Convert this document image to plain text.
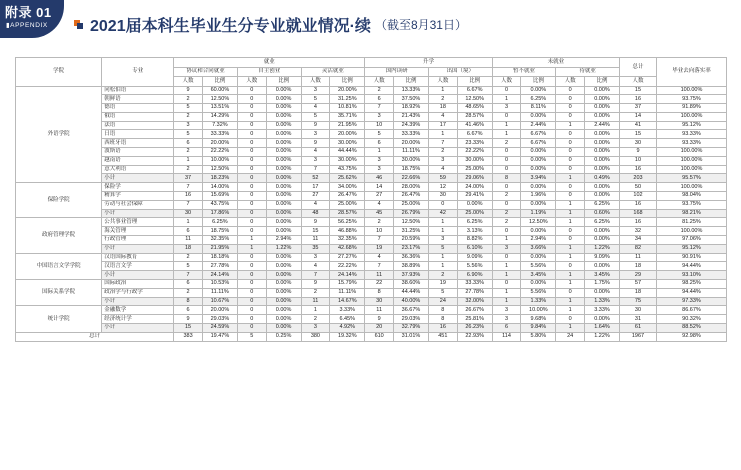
附录 01
▮APPENDIX	2021届本科生毕业生分专业就业情况·续 （截至8月31日）
学院	专业	就业						升学				未就业				总计	毕业去向落实率
		协议和合同就业		自主创业		灵活就业		国内读研		出国（境）		暂不就业		待就业			
		人数	比例	人数	比例	人数	比例	人数	比例	人数	比例	人数	比例	人数	比例	人数	
外语学院	同松伯语	9	60.00%	0	0.00%	3	20.00%	2	13.33%	1	6.67%	0	0.00%	0	0.00%	15	100.00%
	朝鲜语	2	12.50%	0	0.00%	5	31.25%	6	37.50%	2	12.50%	1	6.25%	0	0.00%	16	93.75%
	德语	5	13.51%	0	0.00%	4	10.81%	7	18.92%	18	48.65%	3	8.11%	0	0.00%	37	91.89%
	俄语	2	14.29%	0	0.00%	5	35.71%	3	21.43%	4	28.57%	0	0.00%	0	0.00%	14	100.00%
	法语	3	7.32%	0	0.00%	9	21.95%	10	24.39%	17	41.46%	1	2.44%	1	2.44%	41	95.12%
	日语	5	33.33%	0	0.00%	3	20.00%	5	33.33%	1	6.67%	1	6.67%	0	0.00%	15	93.33%
	西班牙语	6	20.00%	0	0.00%	9	30.00%	6	20.00%	7	23.33%	2	6.67%	0	0.00%	30	93.33%
	波斯语	2	22.22%	0	0.00%	4	44.44%	1	11.11%	2	22.22%	0	0.00%	0	0.00%	9	100.00%
	越南语	1	10.00%	0	0.00%	3	30.00%	3	30.00%	3	30.00%	0	0.00%	0	0.00%	10	100.00%
	意大利语	2	12.50%	0	0.00%	7	43.75%	3	18.75%	4	25.00%	0	0.00%	0	0.00%	16	100.00%
	小计	37	18.23%	0	0.00%	52	25.62%	46	22.66%	59	29.06%	8	3.94%	1	0.49%	203	95.57%
保险学院	保险学	7	14.00%	0	0.00%	17	34.00%	14	28.00%	12	24.00%	0	0.00%	0	0.00%	50	100.00%
	精算学	16	15.69%	0	0.00%	27	26.47%	27	26.47%	30	29.41%	2	1.96%	0	0.00%	102	98.04%
	劳动与社会保障	7	43.75%	0	0.00%	4	25.00%	4	25.00%	0	0.00%	0	0.00%	1	6.25%	16	93.75%
	小计	30	17.86%	0	0.00%	48	28.57%	45	26.79%	42	25.00%	2	1.19%	1	0.60%	168	98.21%
政府管理学院	公共事业管理	1	6.25%	0	0.00%	9	56.25%	2	12.50%	1	6.25%	2	12.50%	1	6.25%	16	81.25%
	海关管理	6	18.75%	0	0.00%	15	46.88%	10	31.25%	1	3.13%	0	0.00%	0	0.00%	32	100.00%
	行政管理	11	32.35%	1	2.94%	11	32.35%	7	20.59%	3	8.82%	1	2.94%	0	0.00%	34	97.06%
	小计	18	21.95%	1	1.22%	35	42.68%	19	23.17%	5	6.10%	3	3.66%	1	1.22%	82	95.12%
中国语言文学学院	汉语国际教育	2	18.18%	0	0.00%	3	27.27%	4	36.36%	1	9.09%	0	0.00%	1	9.09%	11	90.91%
	汉语言文学	5	27.78%	0	0.00%	4	22.22%	7	38.89%	1	5.56%	1	5.56%	0	0.00%	18	94.44%
	小计	7	24.14%	0	0.00%	7	24.14%	11	37.93%	2	6.90%	1	3.45%	1	3.45%	29	93.10%
国际关系学院	国际政治	6	10.53%	0	0.00%	9	15.79%	22	38.60%	19	33.33%	0	0.00%	1	1.75%	57	98.25%
	政治学与行政学	2	11.11%	0	0.00%	2	11.11%	8	44.44%	5	27.78%	1	5.56%	0	0.00%	18	94.44%
	小计	8	10.67%	0	0.00%	11	14.67%	30	40.00%	24	32.00%	1	1.33%	1	1.33%	75	97.33%
统计学院	金融数学	6	20.00%	0	0.00%	1	3.33%	11	36.67%	8	26.67%	3	10.00%	1	3.33%	30	86.67%
	经济统计学	9	29.03%	0	0.00%	2	6.45%	9	29.03%	8	25.81%	3	9.68%	0	0.00%	31	90.32%
	小计	15	24.59%	0	0.00%	3	4.92%	20	32.79%	16	26.23%	6	9.84%	1	1.64%	61	88.52%
总计		383	19.47%	5	0.25%	380	19.32%	610	31.01%	451	22.93%	114	5.80%	24	1.22%	1967	92.98%
